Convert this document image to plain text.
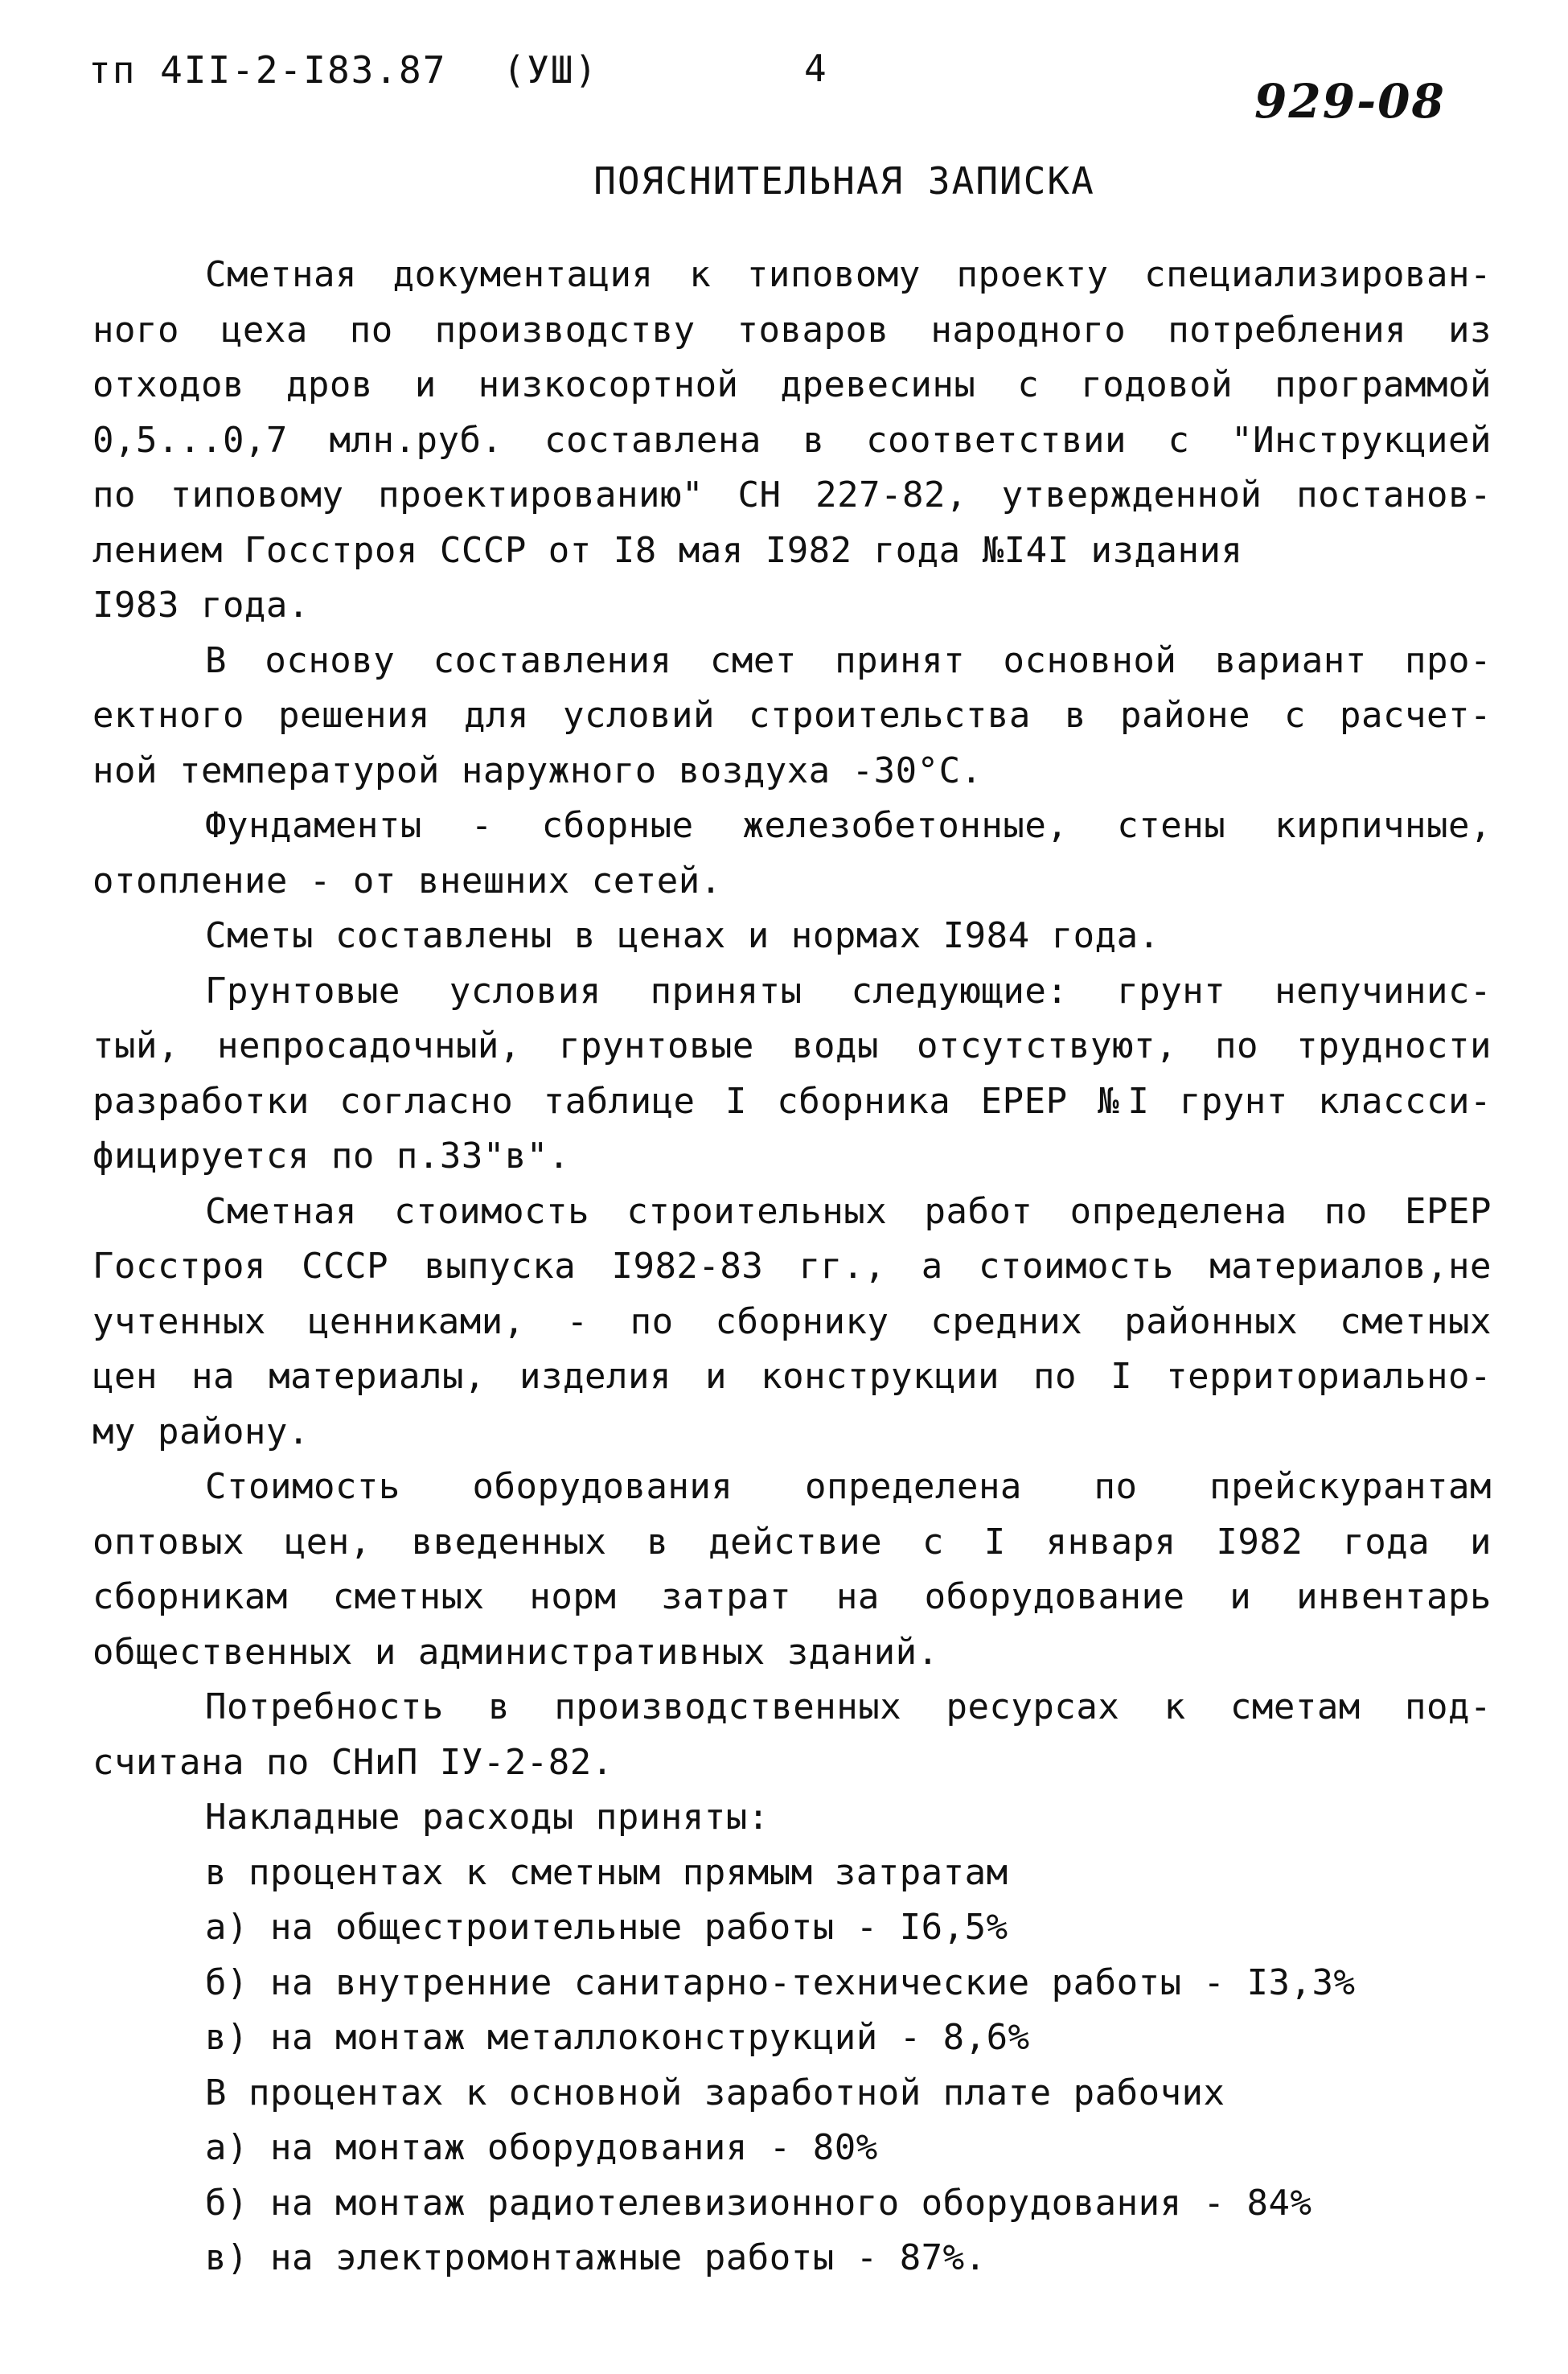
тп 4II-2-I83.87 (УШ)	4
929-08
ПОЯСНИТЕЛЬНАЯ ЗАПИСКА
Сметная документация к типовому проекту специализирован-
ного цеха по производству товаров народного потребления из
отходов дров и низкосортной древесины с годовой программой
0,5...0,7 млн.руб. составлена в соответствии с "Инструкцией
по типовому проектированию" СН 227-82, утвержденной постанов-
лением Госстроя СССР от I8 мая I982 года №I4I издания
I983 года.
В основу составления смет принят основной вариант про-
ектного решения для условий строительства в районе с расчет-
ной температурой наружного воздуха -30°С.
Фундаменты - сборные железобетонные, стены кирпичные,
отопление - от внешних сетей.
Сметы составлены в ценах и нормах I984 года.
Грунтовые условия приняты следующие: грунт непучинис-
тый, непросадочный, грунтовые воды отсутствуют, по трудности
разработки согласно таблице I сборника ЕРЕР №I грунт классси-
фицируется по п.33"в".
Сметная стоимость строительных работ определена по ЕРЕР
Госстроя СССР выпуска I982-83 гг., а стоимость материалов,не
учтенных ценниками, - по сборнику средних районных сметных
цен на материалы, изделия и конструкции по I территориально-
му району.
Стоимость оборудования определена по прейскурантам
оптовых цен, введенных в действие с I января I982 года и
сборникам сметных норм затрат на оборудование и инвентарь
общественных и административных зданий.
Потребность в производственных ресурсах к сметам под-
считана по СНиП IУ-2-82.
Накладные расходы приняты:
в процентах к сметным прямым затратам
а) на общестроительные работы - I6,5%
б) на внутренние санитарно-технические работы - I3,3%
в) на монтаж металлоконструкций - 8,6%
В процентах к основной заработной плате рабочих
а) на монтаж оборудования - 80%
б) на монтаж радиотелевизионного оборудования - 84%
в) на электромонтажные работы - 87%.
